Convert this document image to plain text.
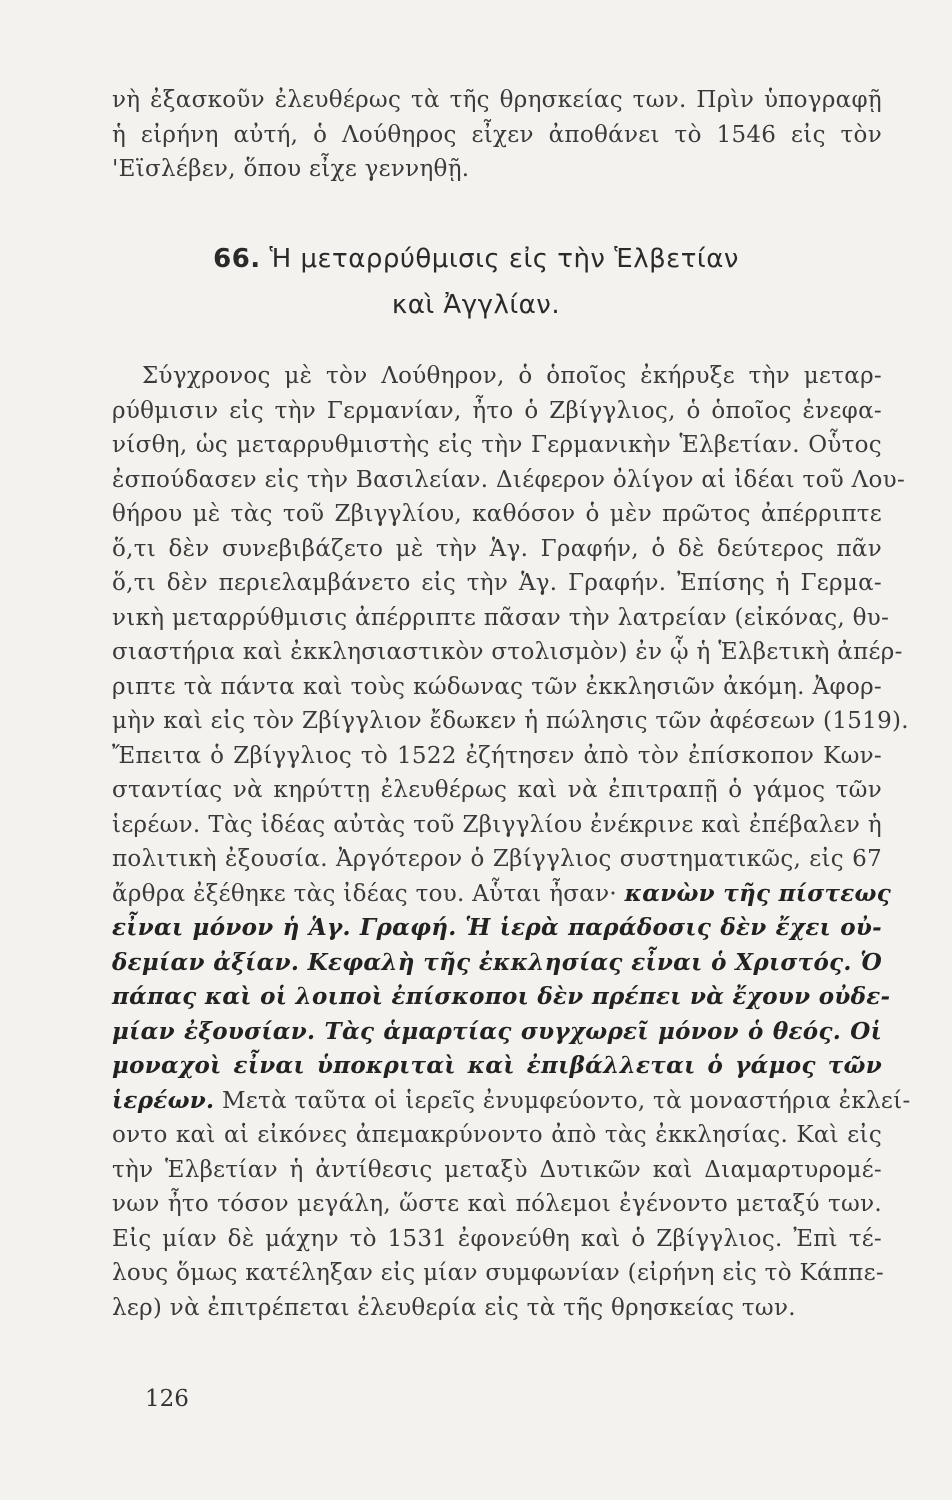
νὴ ἐξασκοῦν ἐλευθέρως τὰ τῆς θρησκείας των. Πρὶν ὑπογραφῇ
ἡ εἰρήνη αὐτή, ὁ Λούθηρος εἶχεν ἀποθάνει τὸ 1546 εἰς τὸν
'Εϊσλέβεν, ὅπου εἶχε γεννηθῇ.
66. Ἡ μεταρρύθμισις εἰς τὴν Ἑλβετίαν
καὶ Ἀγγλίαν.
Σύγχρονος μὲ τὸν Λούθηρον, ὁ ὁποῖος ἐκήρυξε τὴν μεταρ-
ρύθμισιν εἰς τὴν Γερμανίαν, ἦτο ὁ Ζβίγγλιος, ὁ ὁποῖος ἐνεφα-
νίσθη, ὡς μεταρρυθμιστὴς εἰς τὴν Γερμανικὴν Ἑλβετίαν. Οὗτος
ἐσπούδασεν εἰς τὴν Βασιλείαν. Διέφερον ὀλίγον αἱ ἰδέαι τοῦ Λου-
θήρου μὲ τὰς τοῦ Ζβιγγλίου, καθόσον ὁ μὲν πρῶτος ἀπέρριπτε
ὅ,τι δὲν συνεβιβάζετο μὲ τὴν Ἁγ. Γραφήν, ὁ δὲ δεύτερος πᾶν
ὅ,τι δὲν περιελαμβάνετο εἰς τὴν Ἁγ. Γραφήν. Ἐπίσης ἡ Γερμα-
νικὴ μεταρρύθμισις ἀπέρριπτε πᾶσαν τὴν λατρείαν (εἰκόνας, θυ-
σιαστήρια καὶ ἐκκλησιαστικὸν στολισμὸν) ἐν ᾧ ἡ Ἑλβετικὴ ἀπέρ-
ριπτε τὰ πάντα καὶ τοὺς κώδωνας τῶν ἐκκλησιῶν ἀκόμη. Ἀφορ-
μὴν καὶ εἰς τὸν Ζβίγγλιον ἔδωκεν ἡ πώλησις τῶν ἀφέσεων (1519).
Ἔπειτα ὁ Ζβίγγλιος τὸ 1522 ἐζήτησεν ἀπὸ τὸν ἐπίσκοπον Κων-
σταντίας νὰ κηρύττῃ ἐλευθέρως καὶ νὰ ἐπιτραπῇ ὁ γάμος τῶν
ἱερέων. Τὰς ἰδέας αὐτὰς τοῦ Ζβιγγλίου ἐνέκρινε καὶ ἐπέβαλεν ἡ
πολιτικὴ ἐξουσία. Ἀργότερον ὁ Ζβίγγλιος συστηματικῶς, εἰς 67
ἄρθρα ἐξέθηκε τὰς ἰδέας του. Αὗται ἦσαν· κανὼν τῆς πίστεως
εἶναι μόνον ἡ Ἁγ. Γραφή. Ἡ ἱερὰ παράδοσις δὲν ἔχει οὐ-
δεμίαν ἀξίαν. Κεφαλὴ τῆς ἐκκλησίας εἶναι ὁ Χριστός. Ὁ
πάπας καὶ οἱ λοιποὶ ἐπίσκοποι δὲν πρέπει νὰ ἔχουν οὐδε-
μίαν ἐξουσίαν. Τὰς ἁμαρτίας συγχωρεῖ μόνον ὁ θεός. Οἱ
μοναχοὶ εἶναι ὑποκριταὶ καὶ ἐπιβάλλεται ὁ γάμος τῶν
ἱερέων. Μετὰ ταῦτα οἱ ἱερεῖς ἐνυμφεύοντο, τὰ μοναστήρια ἐκλεί-
οντο καὶ αἱ εἰκόνες ἀπεμακρύνοντο ἀπὸ τὰς ἐκκλησίας. Καὶ εἰς
τὴν Ἑλβετίαν ἡ ἀντίθεσις μεταξὺ Δυτικῶν καὶ Διαμαρτυρομέ-
νων ἦτο τόσον μεγάλη, ὥστε καὶ πόλεμοι ἐγένοντο μεταξύ των.
Εἰς μίαν δὲ μάχην τὸ 1531 ἐφονεύθη καὶ ὁ Ζβίγγλιος. Ἐπὶ τέ-
λους ὅμως κατέληξαν εἰς μίαν συμφωνίαν (εἰρήνη εἰς τὸ Κάππε-
λερ) νὰ ἐπιτρέπεται ἐλευθερία εἰς τὰ τῆς θρησκείας των.
126
